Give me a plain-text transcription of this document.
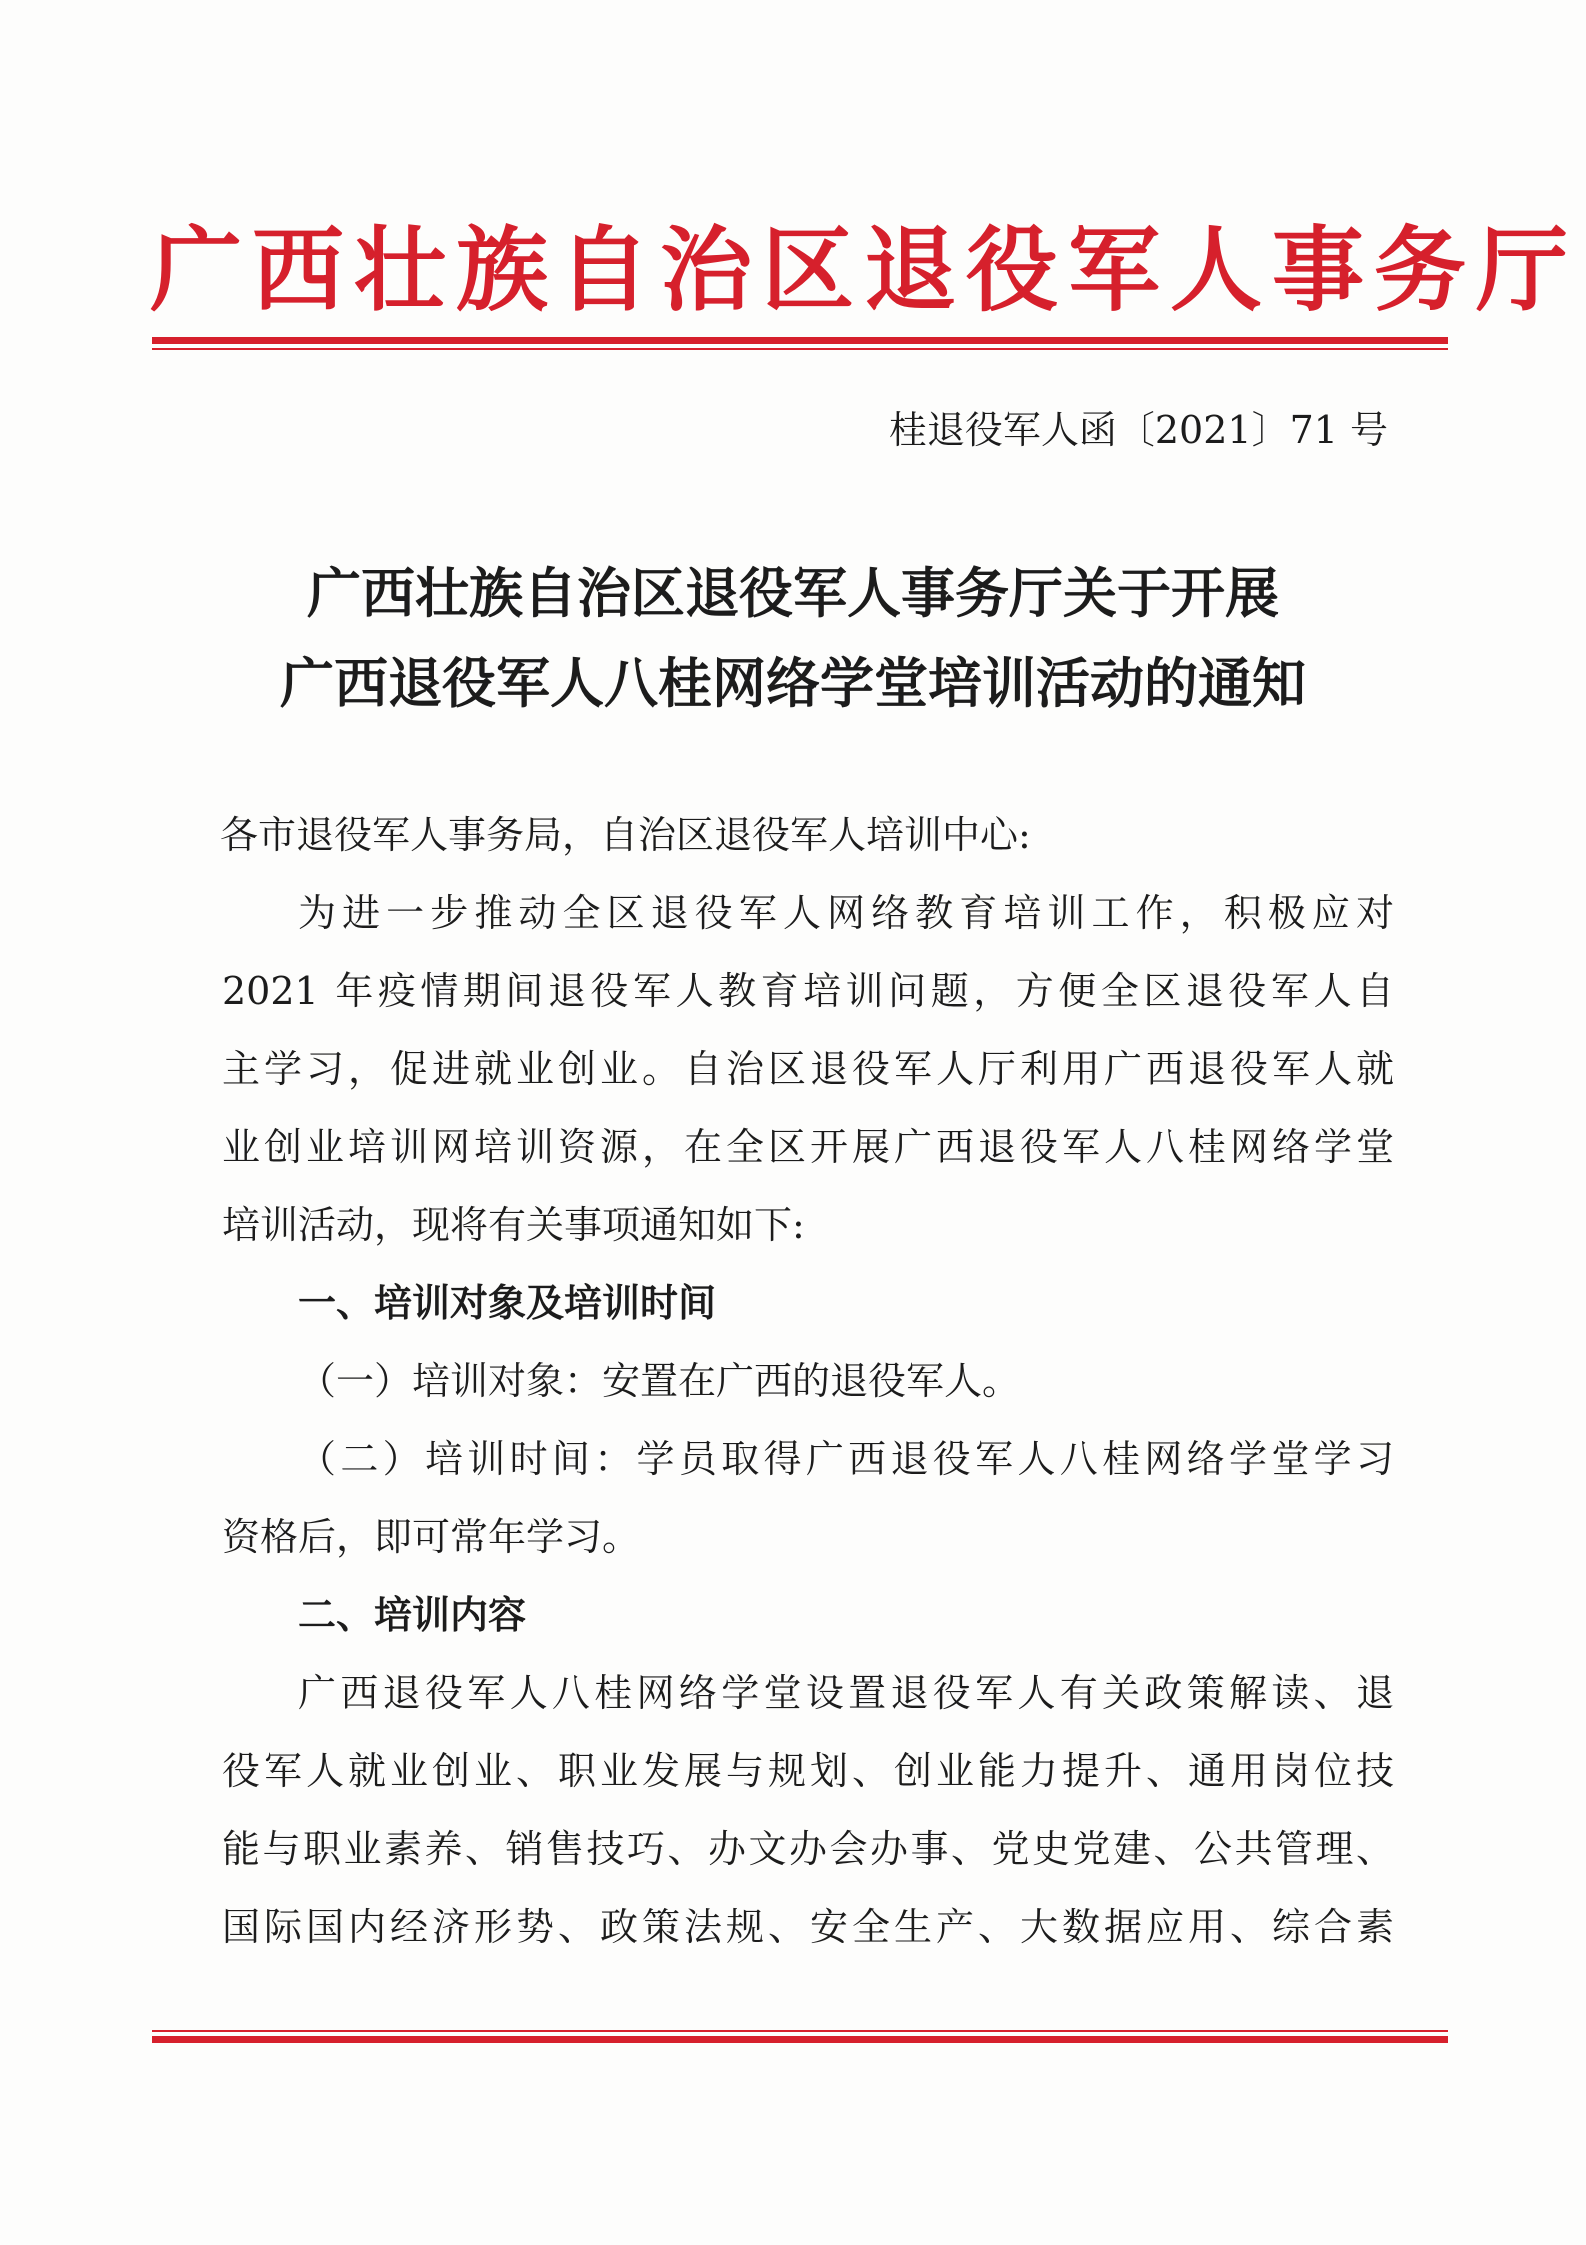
广西壮族自治区退役军人事务厅
桂退役军人函〔2021〕71 号
广西壮族自治区退役军人事务厅关于开展
广西退役军人八桂网络学堂培训活动的通知

各市退役军人事务局，自治区退役军人培训中心:

为进一步推动全区退役军人网络教育培训工作，积极应对
2021 年疫情期间退役军人教育培训问题，方便全区退役军人自
主学习，促进就业创业。自治区退役军人厅利用广西退役军人就
业创业培训网培训资源，在全区开展广西退役军人八桂网络学堂
培训活动，现将有关事项通知如下:

一、培训对象及培训时间

（一）培训对象：安置在广西的退役军人。

（二）培训时间：学员取得广西退役军人八桂网络学堂学习
资格后，即可常年学习。

二、培训内容

广西退役军人八桂网络学堂设置退役军人有关政策解读、退
役军人就业创业、职业发展与规划、创业能力提升、通用岗位技
能与职业素养、销售技巧、办文办会办事、党史党建、公共管理、
国际国内经济形势、政策法规、安全生产、大数据应用、综合素
